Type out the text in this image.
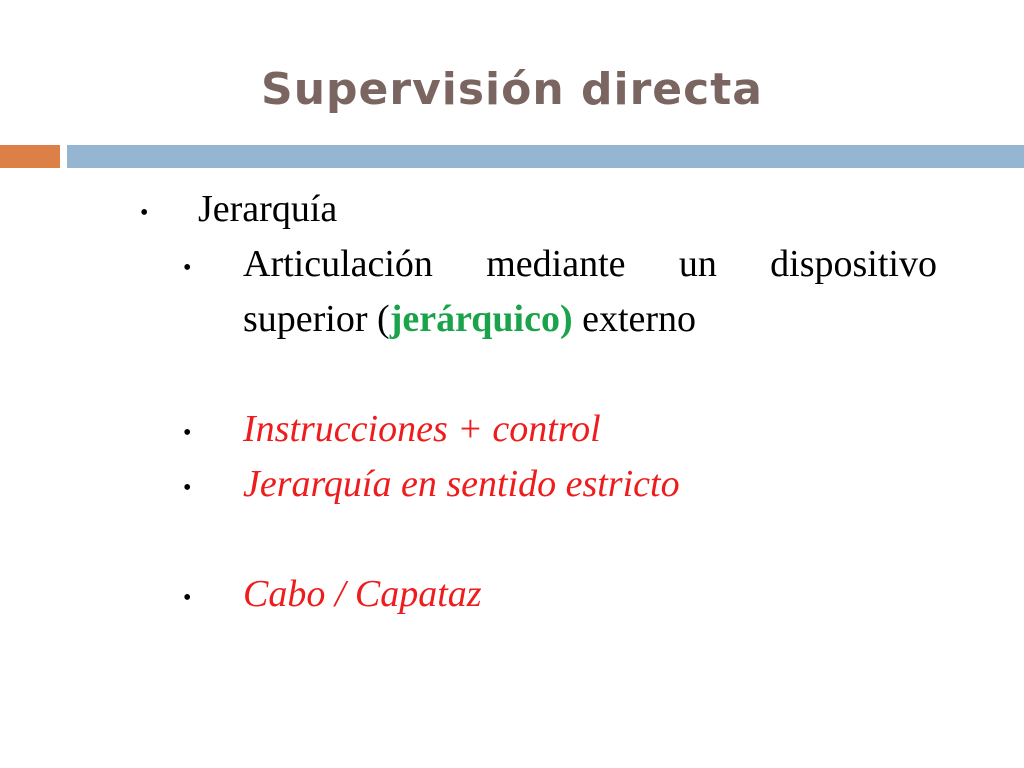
Supervisión directa
• Jerarquía
• Articulación mediante un dispositivo
superior (jerárquico) externo
• Instrucciones + control
• Jerarquía en sentido estricto
• Cabo / Capataz
